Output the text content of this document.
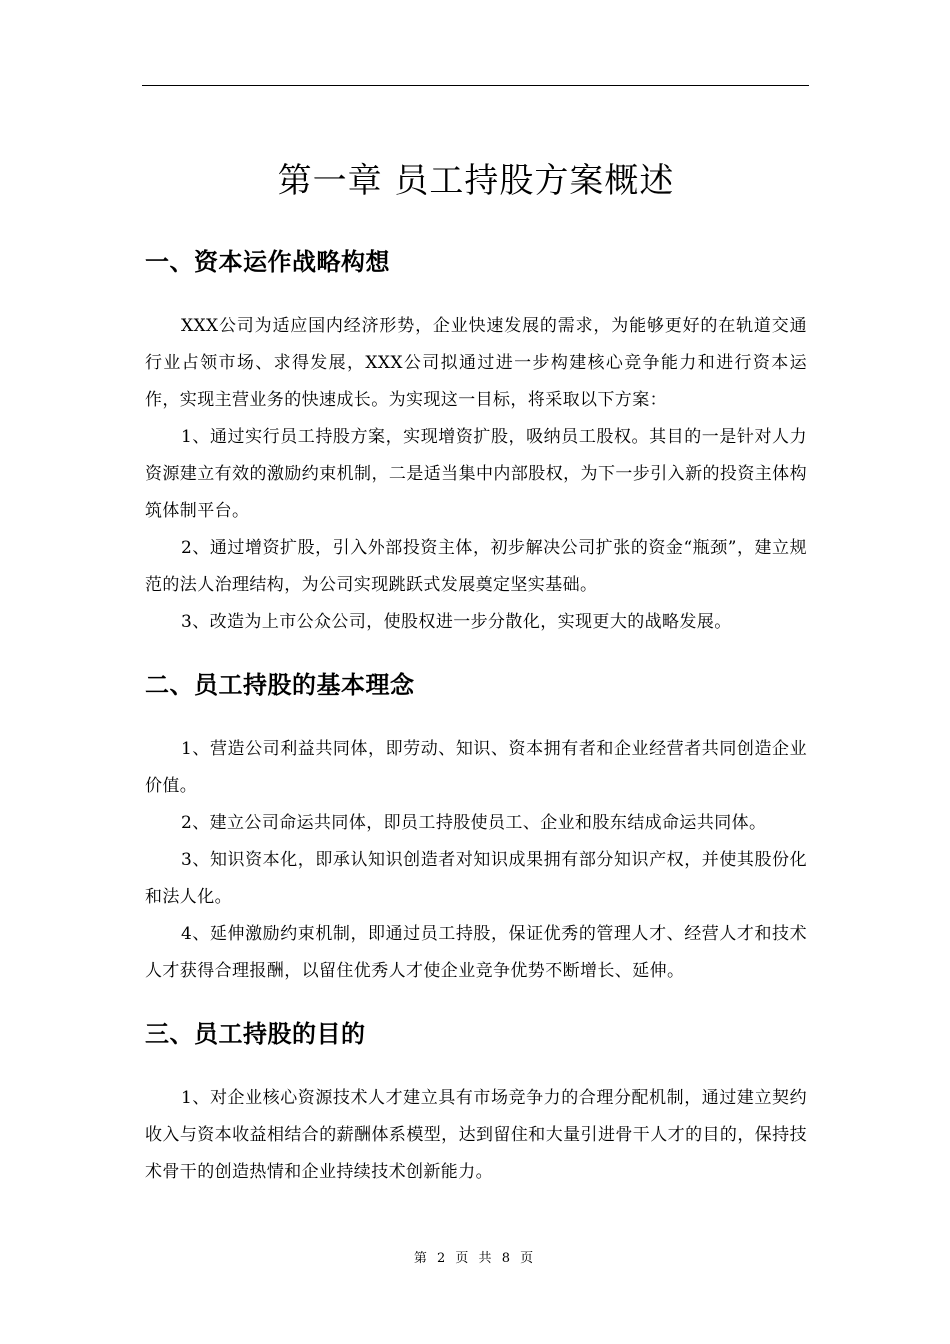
第一章 员工持股方案概述
一、资本运作战略构想

XXX公司为适应国内经济形势，企业快速发展的需求，为能够更好的在轨道交通行业占领市场、求得发展，XXX公司拟通过进一步构建核心竞争能力和进行资本运作，实现主营业务的快速成长。为实现这一目标，将采取以下方案：

1、通过实行员工持股方案，实现增资扩股，吸纳员工股权。其目的一是针对人力资源建立有效的激励约束机制，二是适当集中内部股权，为下一步引入新的投资主体构筑体制平台。

2、通过增资扩股，引入外部投资主体，初步解决公司扩张的资金“瓶颈”，建立规范的法人治理结构，为公司实现跳跃式发展奠定坚实基础。

3、改造为上市公众公司，使股权进一步分散化，实现更大的战略发展。

二、员工持股的基本理念

1、营造公司利益共同体，即劳动、知识、资本拥有者和企业经营者共同创造企业价值。

2、建立公司命运共同体，即员工持股使员工、企业和股东结成命运共同体。

3、知识资本化，即承认知识创造者对知识成果拥有部分知识产权，并使其股份化和法人化。

4、延伸激励约束机制，即通过员工持股，保证优秀的管理人才、经营人才和技术人才获得合理报酬，以留住优秀人才使企业竞争优势不断增长、延伸。

三、员工持股的目的

1、对企业核心资源技术人才建立具有市场竞争力的合理分配机制，通过建立契约收入与资本收益相结合的薪酬体系模型，达到留住和大量引进骨干人才的目的，保持技术骨干的创造热情和企业持续技术创新能力。

第 2 页 共 8 页
